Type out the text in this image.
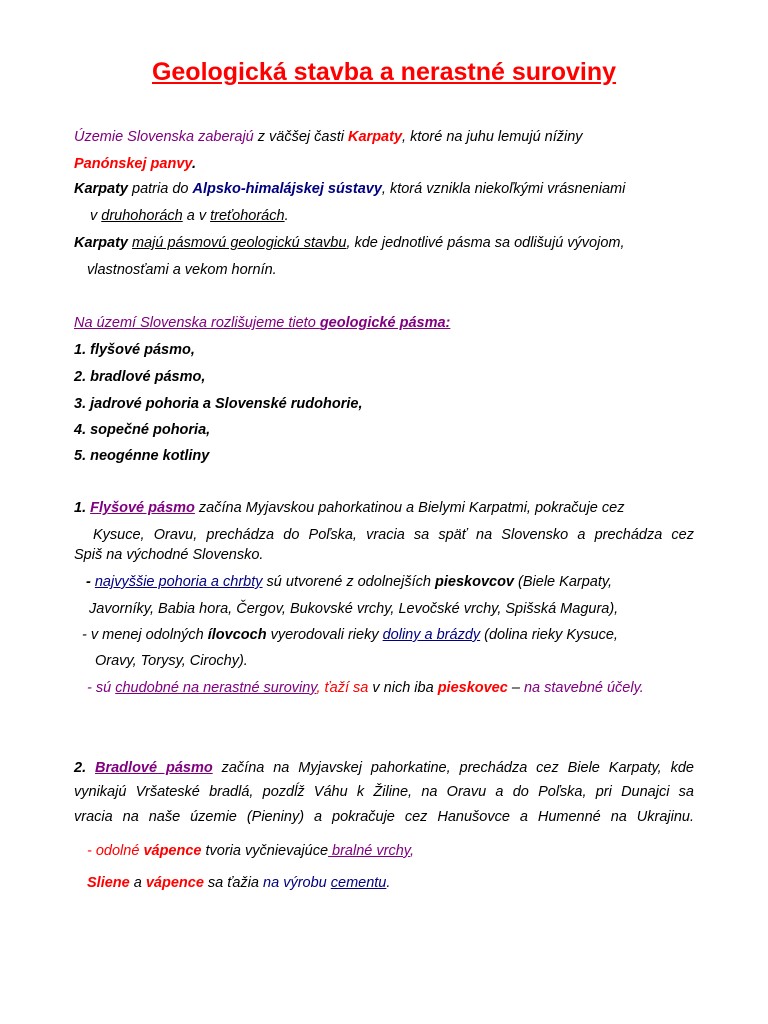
Geologická stavba a nerastné suroviny
Územie Slovenska zaberajú z väčšej časti Karpaty, ktoré na juhu lemujú nížiny
Panónskej panvy.
Karpaty patria do Alpsko-himalájskej sústavy, ktorá vznikla niekoľkými vrásneniami
v druhohorách a v treťohorách.
Karpaty majú pásmovú geologickú stavbu, kde jednotlivé pásma sa odlišujú vývojom,
vlastnosťami a vekom hornín.
Na území Slovenska rozlišujeme tieto geologické pásma:
1. flyšové pásmo,
2. bradlové pásmo,
3. jadrové pohoria a Slovenské rudohorie,
4. sopečné pohoria,
5. neogénne kotliny
1. Flyšové pásmo začína Myjavskou pahorkatinou a Bielymi Karpatmi, pokračuje cez
Kysuce, Oravu, prechádza do Poľska, vracia sa späť na Slovensko a prechádza cez
Spiš na východné Slovensko.
- najvyššie pohoria a chrbty sú utvorené z odolnejších pieskovcov (Biele Karpaty,
Javorníky, Babia hora, Čergov, Bukovské vrchy, Levočské vrchy, Spišská Magura),
- v menej odolných ílovcoch vyerodovali rieky doliny a brázdy (dolina rieky Kysuce,
Oravy, Torysy, Cirochy).
- sú chudobné na nerastné suroviny, ťaží sa v nich iba pieskovec – na stavebné účely.
2. Bradlové pásmo začína na Myjavskej pahorkatine, prechádza cez Biele Karpaty, kde
vynikajú Vršateské bradlá, pozdĺž Váhu k Žiline, na Oravu a do Poľska, pri Dunajci sa
vracia na naše územie (Pieniny) a pokračuje cez Hanušovce a Humenné na Ukrajinu.
- odolné vápence tvoria vyčnievajúce bralné vrchy,
Sliene a vápence sa ťažia na výrobu cementu.
